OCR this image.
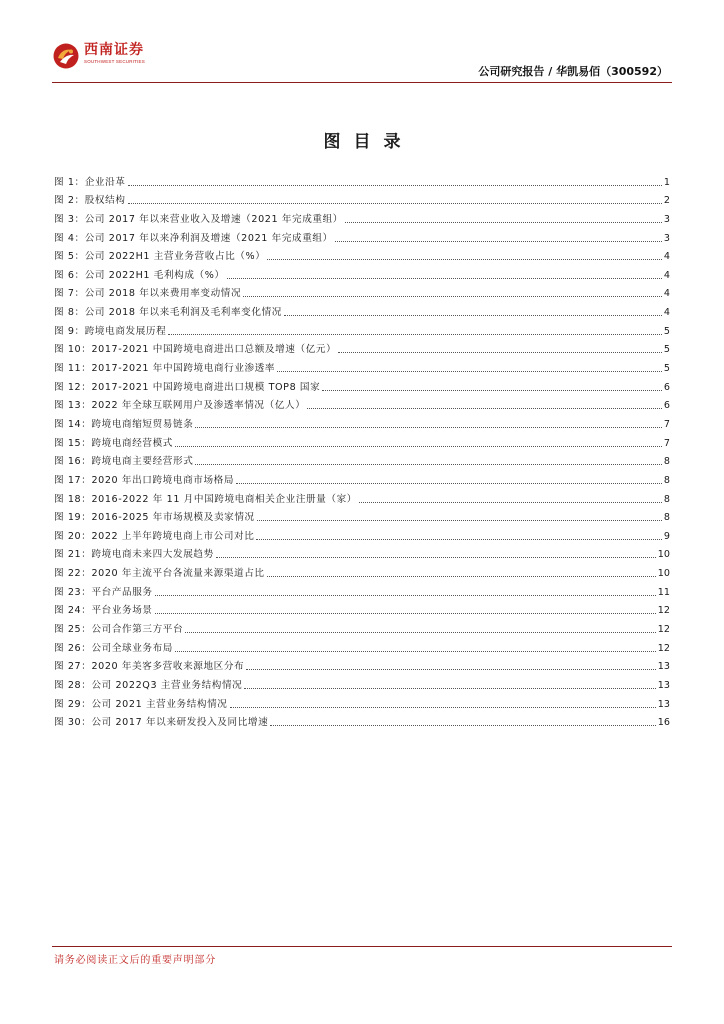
西南证券
SOUTHWEST SECURITIES
公司研究报告 / 华凯易佰（300592）
图目录
图 1：企业沿革	1
图 2：股权结构	2
图 3：公司 2017 年以来营业收入及增速（2021 年完成重组）	3
图 4：公司 2017 年以来净利润及增速（2021 年完成重组）	3
图 5：公司 2022H1 主营业务营收占比（%）	4
图 6：公司 2022H1 毛利构成（%）	4
图 7：公司 2018 年以来费用率变动情况	4
图 8：公司 2018 年以来毛利润及毛利率变化情况	4
图 9：跨境电商发展历程	5
图 10：2017-2021 中国跨境电商进出口总额及增速（亿元）	5
图 11：2017-2021 年中国跨境电商行业渗透率	5
图 12：2017-2021 中国跨境电商进出口规模 TOP8 国家	6
图 13：2022 年全球互联网用户及渗透率情况（亿人）	6
图 14：跨境电商缩短贸易链条	7
图 15：跨境电商经营模式	7
图 16：跨境电商主要经营形式	8
图 17：2020 年出口跨境电商市场格局	8
图 18：2016-2022 年 11 月中国跨境电商相关企业注册量（家）	8
图 19：2016-2025 年市场规模及卖家情况	8
图 20：2022 上半年跨境电商上市公司对比	9
图 21：跨境电商未来四大发展趋势	10
图 22：2020 年主流平台各流量来源渠道占比	10
图 23：平台产品服务	11
图 24：平台业务场景	12
图 25：公司合作第三方平台	12
图 26：公司全球业务布局	12
图 27：2020 年美客多营收来源地区分布	13
图 28：公司 2022Q3 主营业务结构情况	13
图 29：公司 2021 主营业务结构情况	13
图 30：公司 2017 年以来研发投入及同比增速	16
请务必阅读正文后的重要声明部分
